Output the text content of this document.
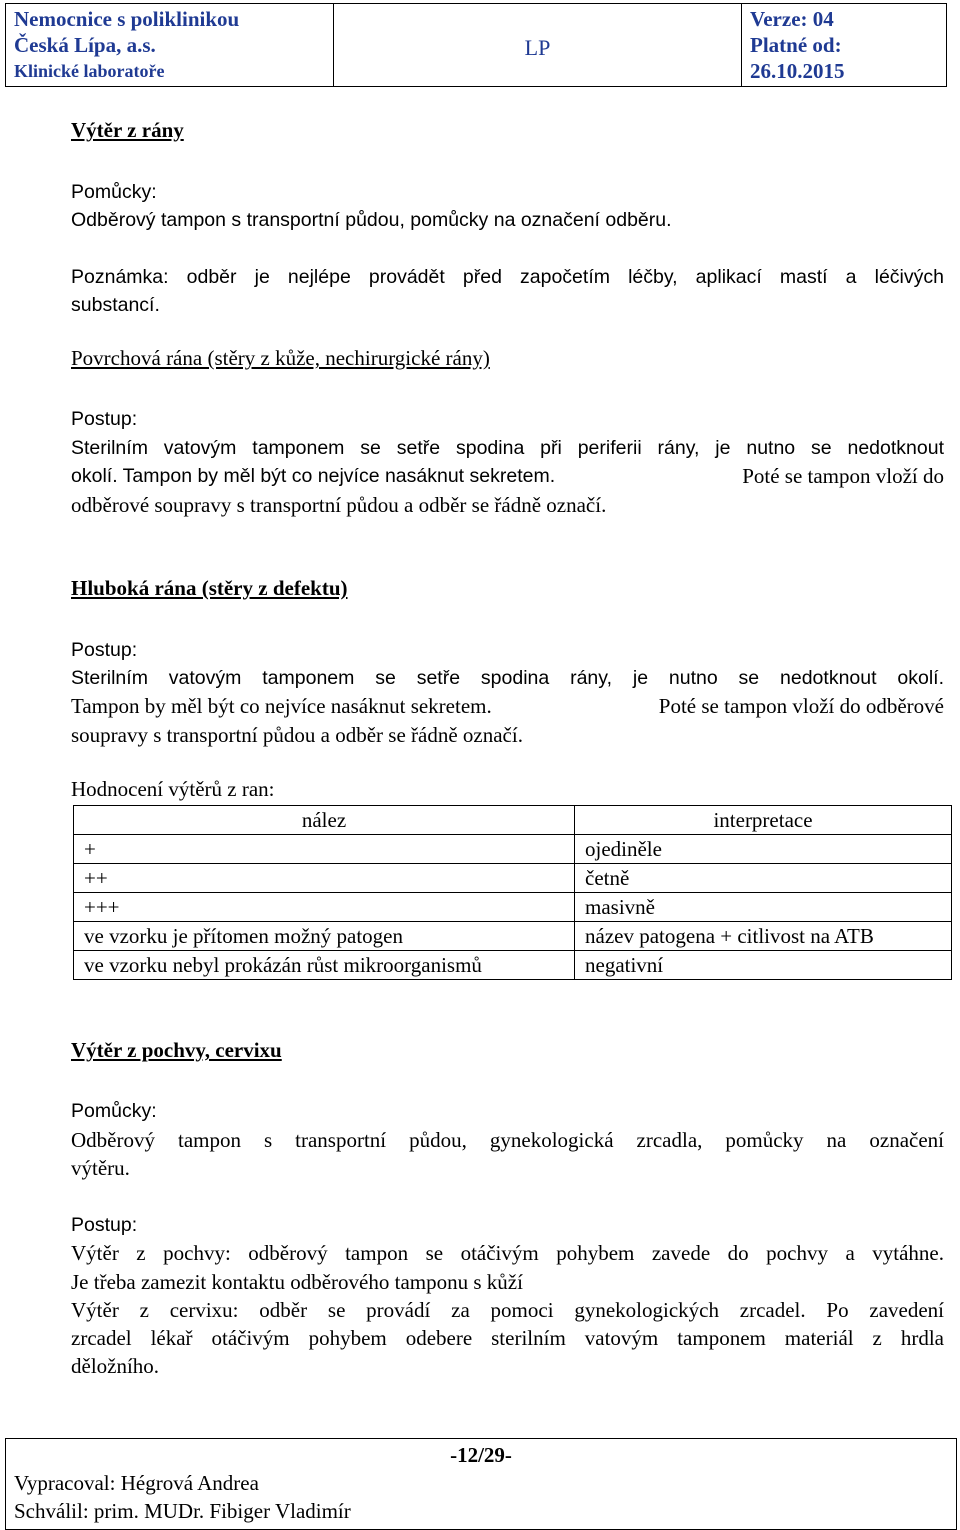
Nemocnice s poliklinikou
Česká Lípa, a.s.
Klinické laboratoře
LP
Verze: 04
Platné od:
26.10.2015
Výtěr z rány
Pomůcky:
Odběrový tampon s transportní půdou, pomůcky na označení odběru.
Poznámka: odběr je nejlépe provádět před započetím léčby, aplikací mastí a léčivých
substancí.
Povrchová rána (stěry z kůže, nechirurgické rány)
Postup:
Sterilním vatovým tamponem se setře spodina při periferii rány, je nutno se nedotknout
okolí. Tampon by měl být co nejvíce nasáknut sekretem.	Poté se tampon vloží do
odběrové soupravy s transportní půdou a odběr se řádně označí.
Hluboká rána (stěry z defektu)
Postup:
Sterilním vatovým tamponem se setře spodina rány, je nutno se nedotknout okolí.
Tampon by měl být co nejvíce nasáknut sekretem.	Poté se tampon vloží do odběrové
soupravy s transportní půdou a odběr se řádně označí.
Hodnocení výtěrů z ran:
nález	interpretace
+	ojediněle
++	četně
+++	masivně
ve vzorku je přítomen možný patogen	název patogena + citlivost na ATB
ve vzorku nebyl prokázán růst mikroorganismů	negativní
Výtěr z pochvy, cervixu
Pomůcky:
Odběrový tampon s transportní půdou, gynekologická zrcadla, pomůcky na označení
výtěru.
Postup:
Výtěr z pochvy: odběrový tampon se otáčivým pohybem zavede do pochvy a vytáhne.
Je třeba zamezit kontaktu odběrového tamponu s kůží
Výtěr z cervixu: odběr se provádí za pomoci gynekologických zrcadel. Po zavedení
zrcadel lékař otáčivým pohybem odebere sterilním vatovým tamponem materiál z hrdla
děložního.
-12/29-
Vypracoval: Hégrová Andrea
Schválil: prim. MUDr. Fibiger Vladimír
